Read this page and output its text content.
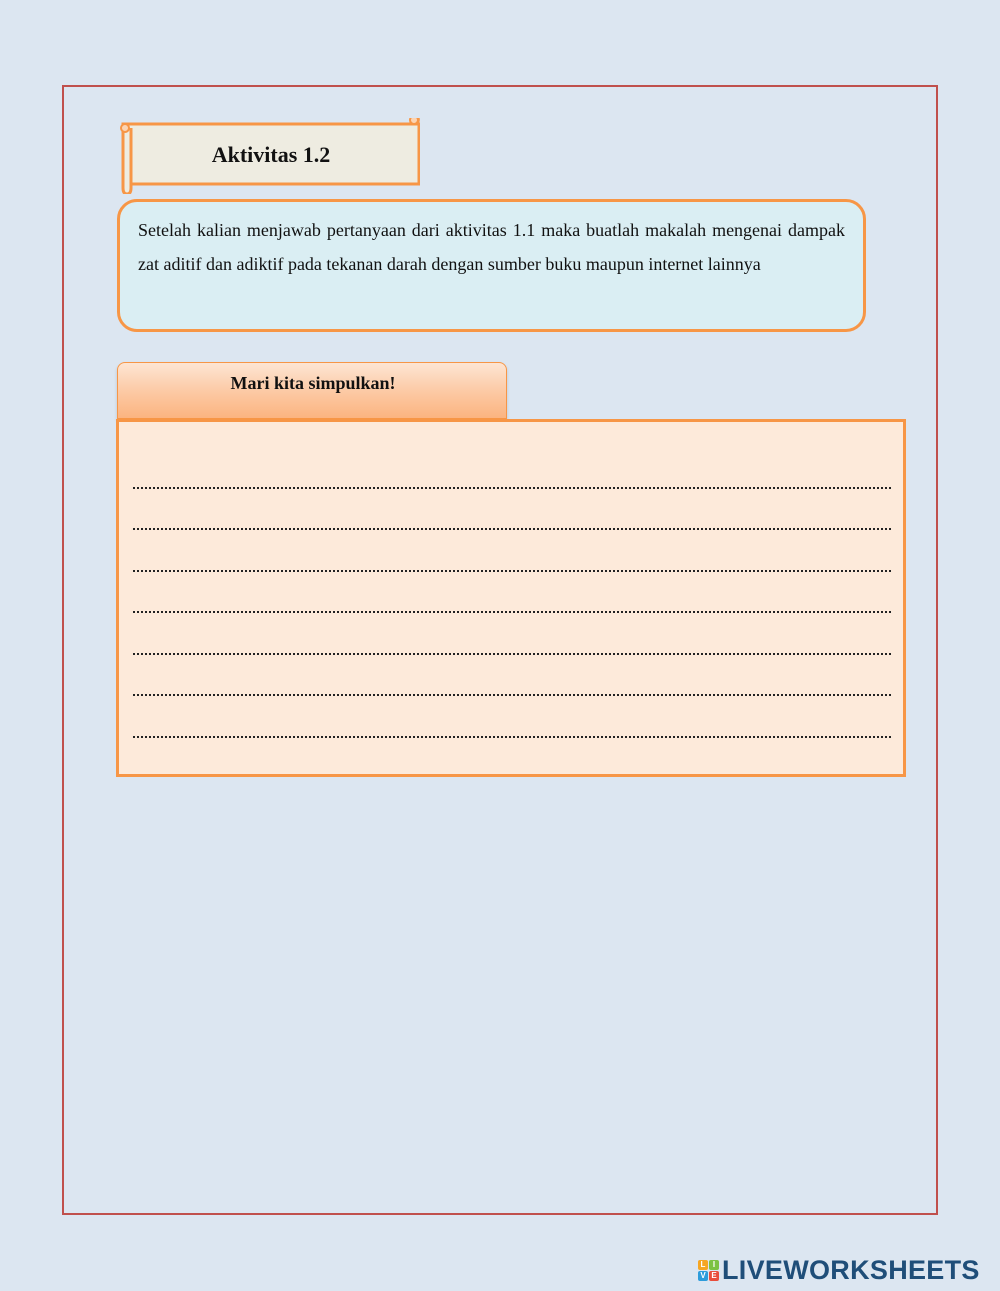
Aktivitas 1.2

Setelah kalian menjawab pertanyaan dari aktivitas 1.1 maka buatlah makalah mengenai dampak zat aditif dan adiktif pada tekanan darah dengan sumber buku maupun internet lainnya

Mari kita simpulkan!
L I
V E LIVEWORKSHEETS
